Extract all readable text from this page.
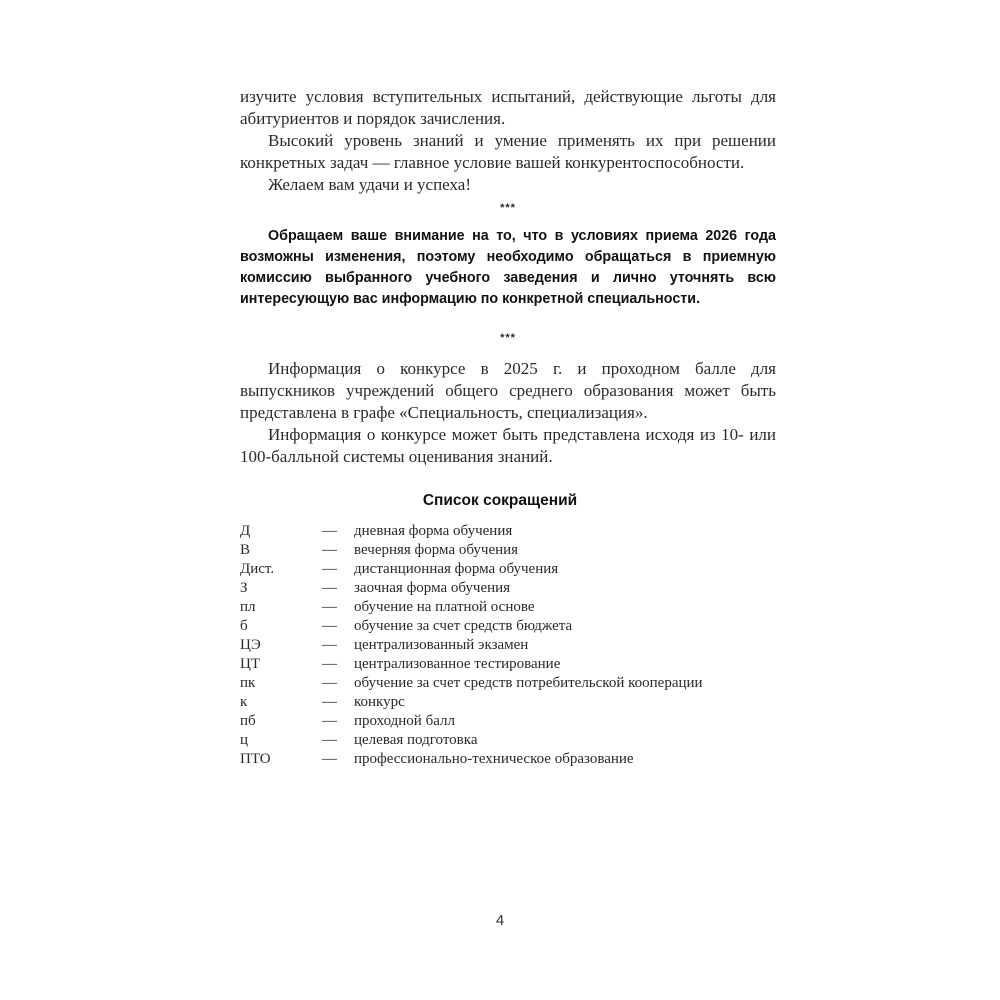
изучите условия вступительных испытаний, действующие льготы для абитуриентов и порядок зачисления.

Высокий уровень знаний и умение применять их при решении конкретных задач — главное условие вашей конкурентоспособности.

Желаем вам удачи и успеха!

***

Обращаем ваше внимание на то, что в условиях приема 2026 года возможны изменения, поэтому необходимо обращаться в приемную комиссию выбранного учебного заведения и лично уточнять всю интересующую вас информацию по конкретной специальности.

***

Информация о конкурсе в 2025 г. и проходном балле для выпускников учреждений общего среднего образования может быть представлена в графе «Специальность, специализация».

Информация о конкурсе может быть представлена исходя из 10- или 100-балльной системы оценивания знаний.

Список сокращений
Д	— дневная форма обучения
В	— вечерняя форма обучения
Дист.	— дистанционная форма обучения
З	— заочная форма обучения
пл	— обучение на платной основе
б	— обучение за счет средств бюджета
ЦЭ	— централизованный экзамен
ЦТ	— централизованное тестирование
пк	— обучение за счет средств потребительской кооперации
к	— конкурс
пб	— проходной балл
ц	— целевая подготовка
ПТО	— профессионально-техническое образование
4
